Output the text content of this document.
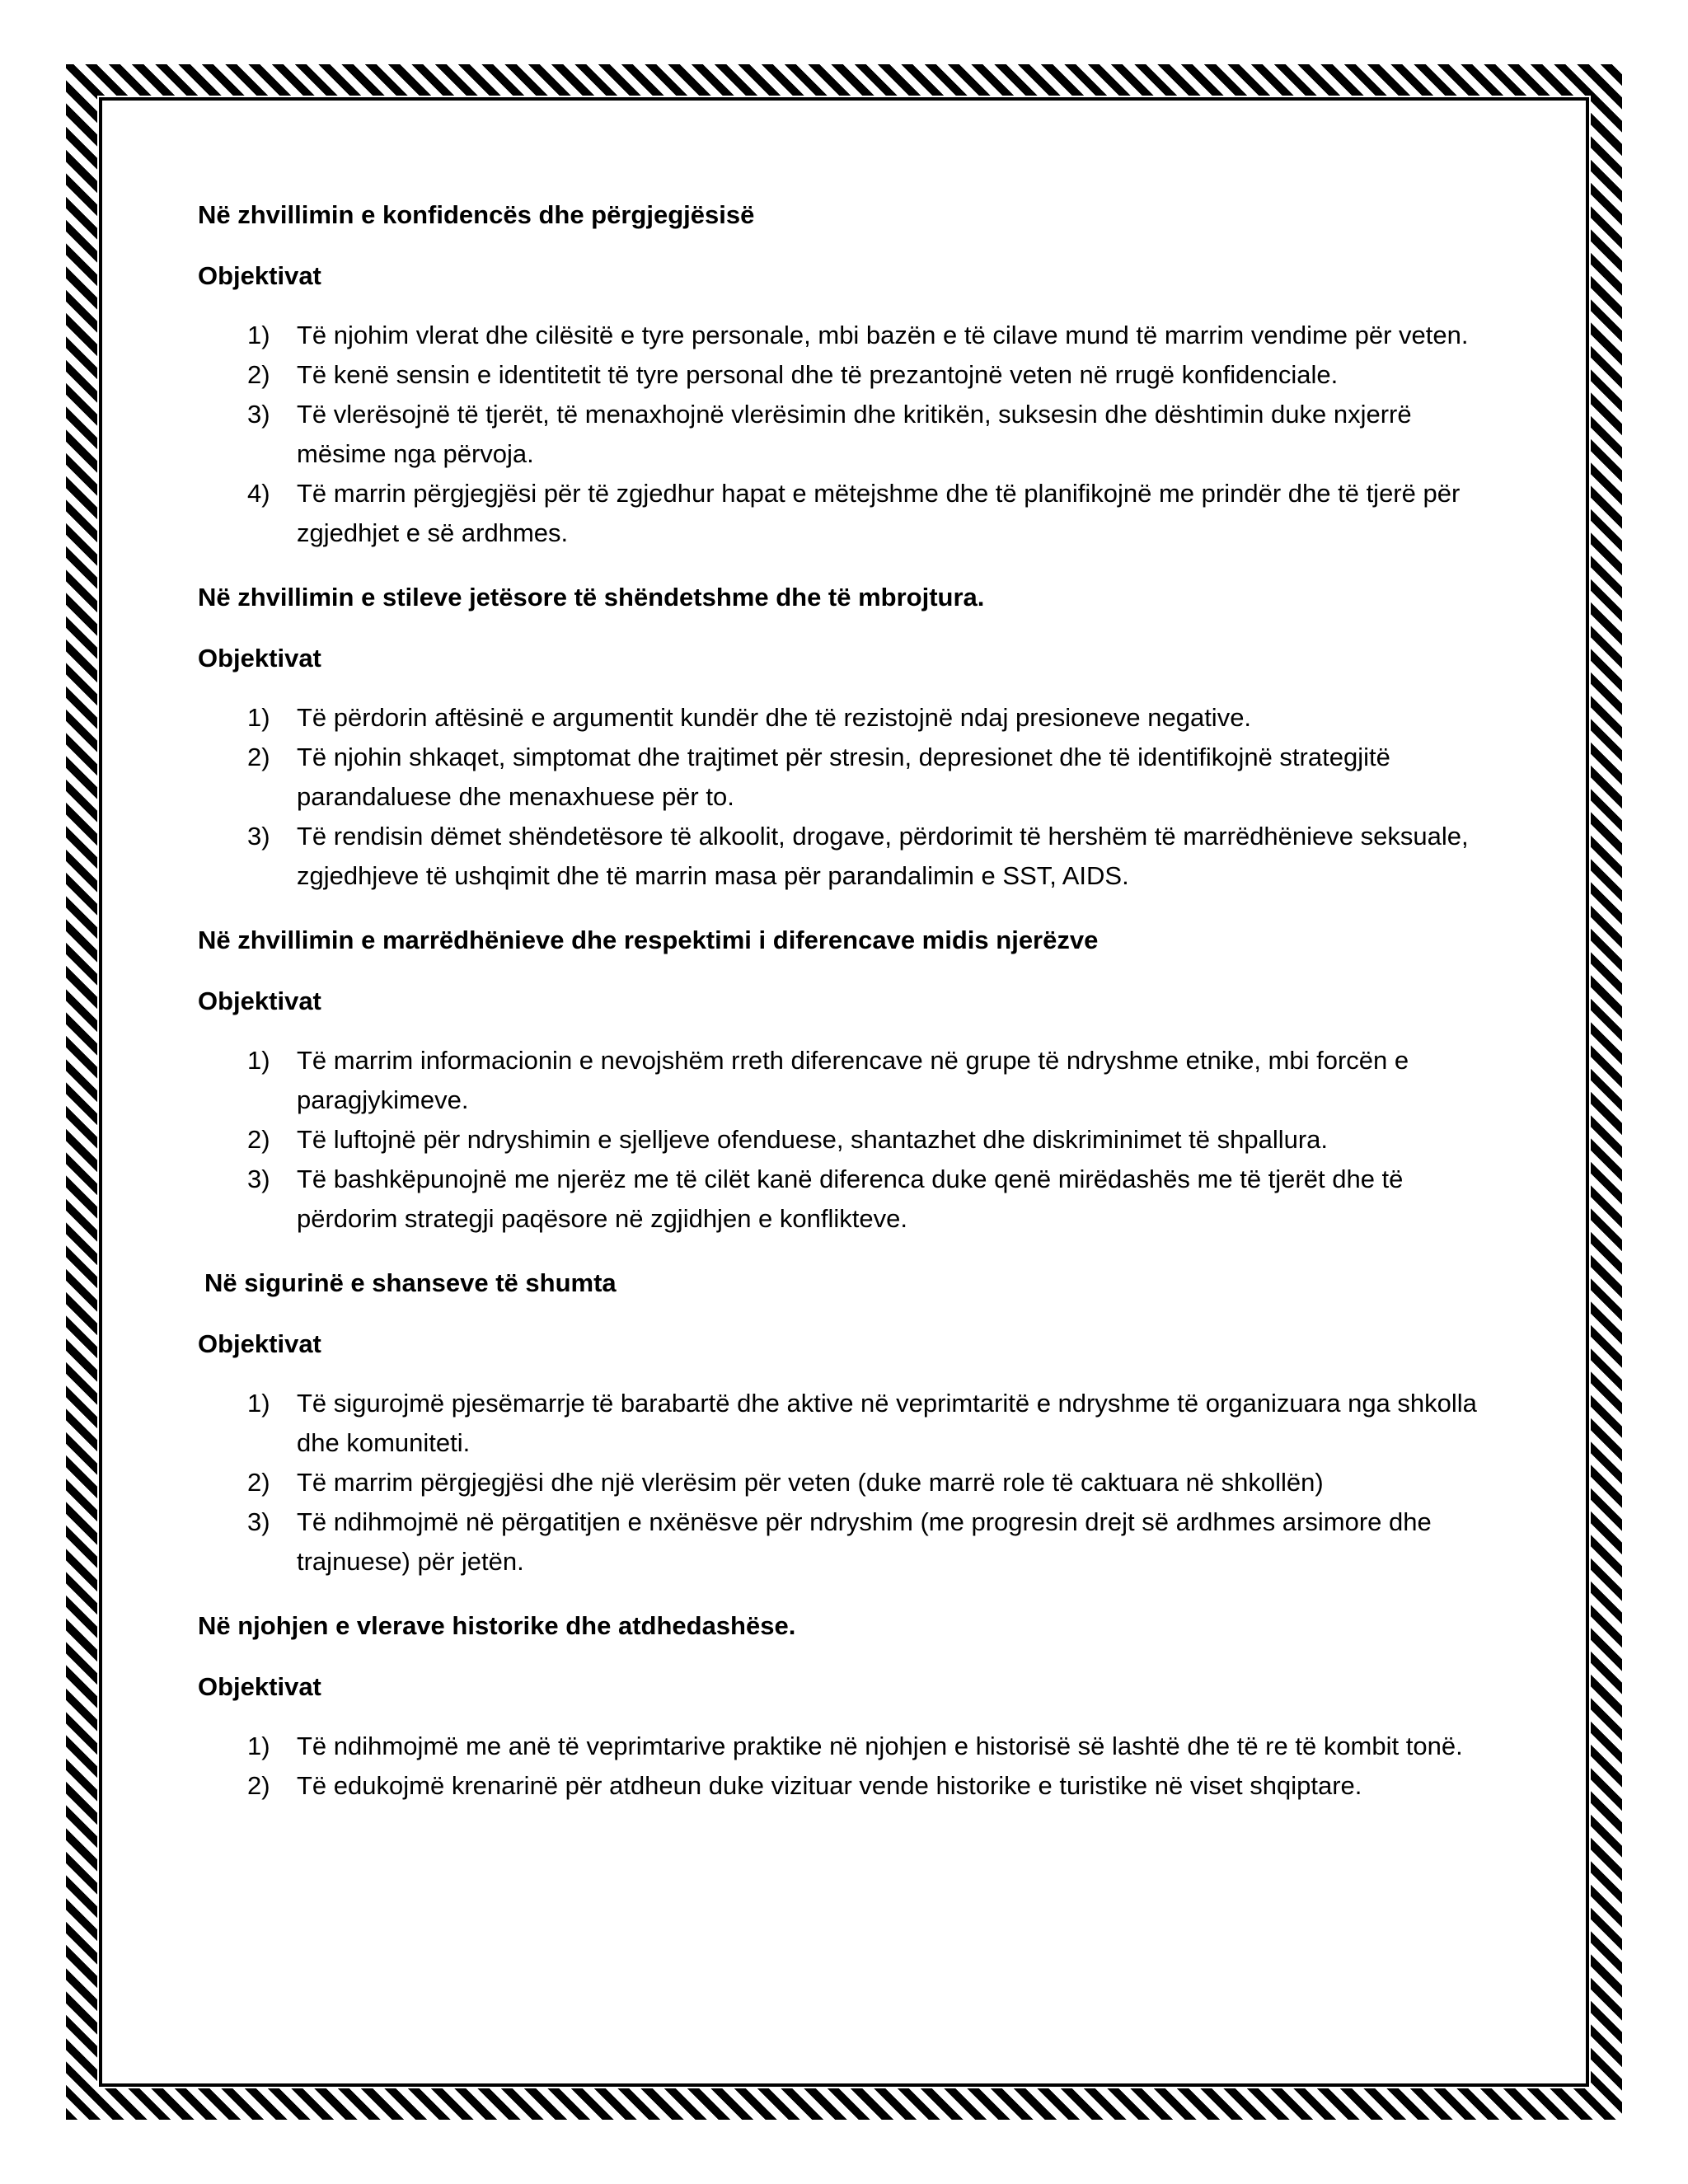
Në zhvillimin e konfidencës dhe përgjegjësisë
Objektivat
1) Të njohim vlerat dhe cilësitë e tyre personale, mbi bazën e të cilave mund të marrim vendime për veten.
2) Të kenë sensin e identitetit të tyre personal dhe të prezantojnë veten në rrugë konfidenciale.
3) Të vlerësojnë të tjerët, të menaxhojnë vlerësimin dhe kritikën, suksesin dhe dështimin duke nxjerrë mësime nga përvoja.
4) Të marrin përgjegjësi për të zgjedhur hapat e mëtejshme dhe të planifikojnë me prindër dhe të tjerë për zgjedhjet e së ardhmes.
Në zhvillimin e stileve jetësore të shëndetshme dhe të mbrojtura.
Objektivat
1) Të përdorin aftësinë e argumentit kundër dhe të rezistojnë ndaj presioneve negative.
2) Të njohin shkaqet, simptomat dhe trajtimet për stresin, depresionet dhe të identifikojnë strategjitë parandaluese dhe menaxhuese për to.
3) Të rendisin dëmet shëndetësore të alkoolit, drogave, përdorimit të hershëm të marrëdhënieve seksuale, zgjedhjeve të ushqimit dhe të marrin masa për parandalimin e SST, AIDS.
Në zhvillimin e marrëdhënieve dhe respektimi i diferencave midis njerëzve
Objektivat
1) Të marrim informacionin e nevojshëm rreth diferencave në grupe të ndryshme etnike, mbi forcën e paragjykimeve.
2) Të luftojnë për ndryshimin e sjelljeve ofenduese, shantazhet dhe diskriminimet të shpallura.
3) Të bashkëpunojnë me njerëz me të cilët kanë diferenca duke qenë mirëdashës me të tjerët dhe të përdorim strategji paqësore në zgjidhjen e konflikteve.
Në sigurinë e shanseve të shumta
Objektivat
1) Të sigurojmë pjesëmarrje të barabartë dhe aktive në veprimtaritë e ndryshme të organizuara nga shkolla dhe komuniteti.
2) Të marrim përgjegjësi dhe një vlerësim për veten (duke marrë role të caktuara në shkollën)
3) Të ndihmojmë në përgatitjen e nxënësve për ndryshim (me progresin drejt së ardhmes arsimore dhe trajnuese) për jetën.
Në njohjen e vlerave historike dhe atdhedashëse.
Objektivat
1) Të ndihmojmë me anë të veprimtarive praktike në njohjen e historisë së lashtë dhe të re të kombit tonë.
2) Të edukojmë krenarinë për atdheun duke vizituar vende historike e turistike në viset shqiptare.
